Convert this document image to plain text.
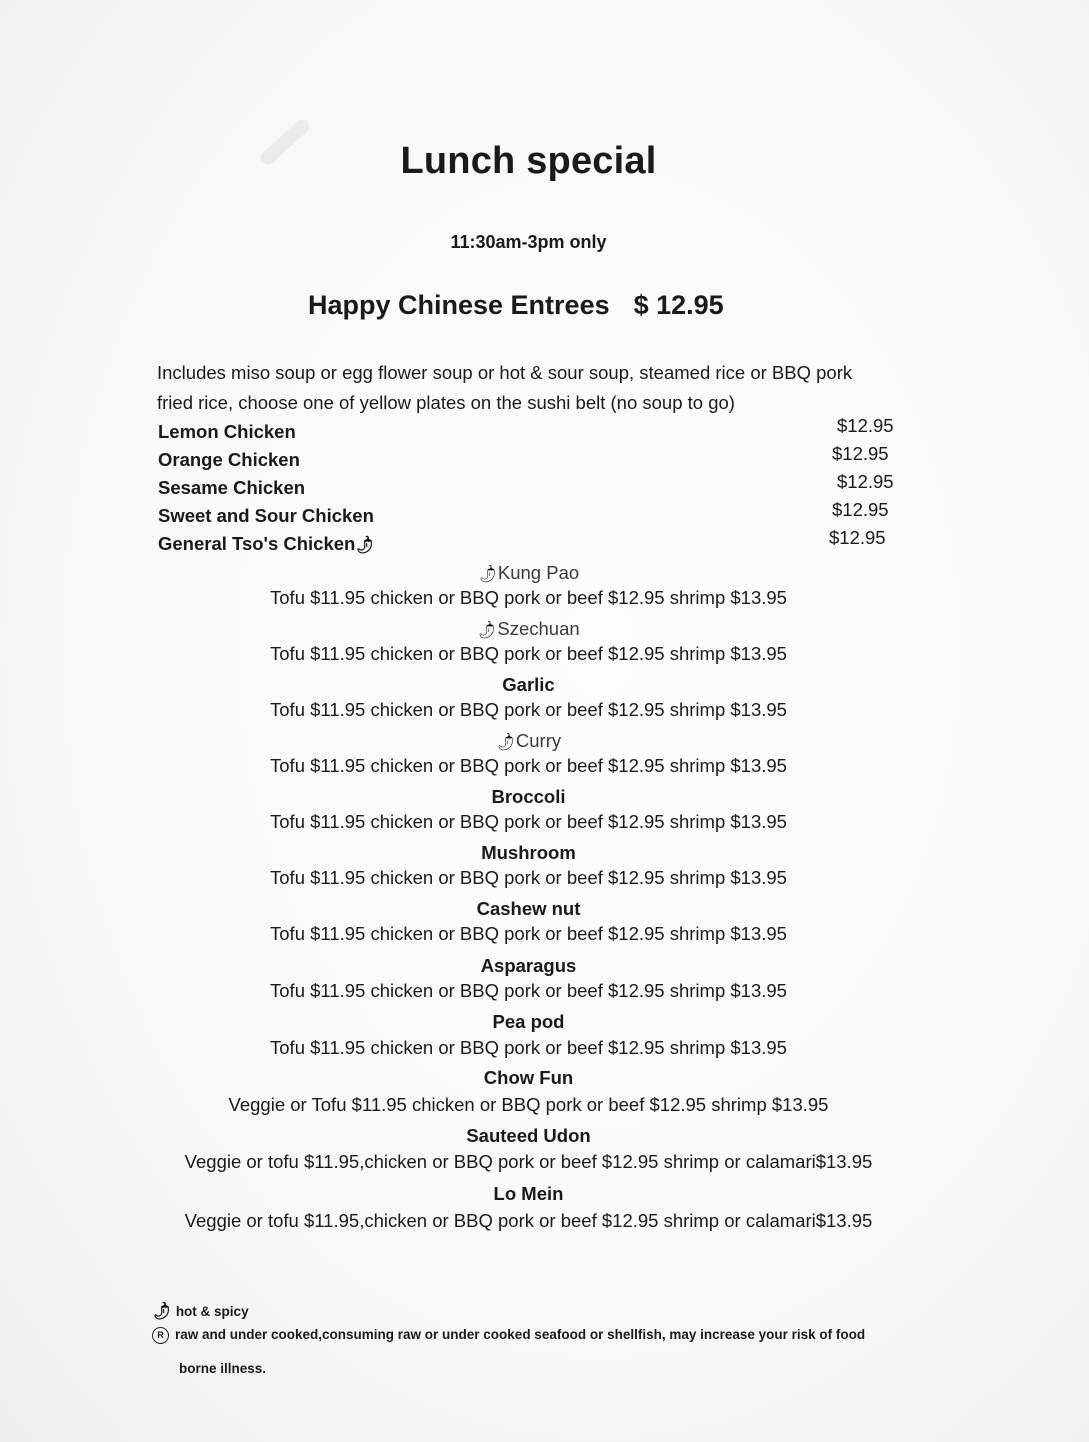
Lunch special
11:30am-3pm only
Happy Chinese Entrees $ 12.95
Includes miso soup or egg flower soup or hot & sour soup, steamed rice or BBQ pork
fried rice, choose one of yellow plates on the sushi belt (no soup to go)
Lemon Chicken	$12.95
Orange Chicken	$12.95
Sesame Chicken	$12.95
Sweet and Sour Chicken	$12.95
General Tso's Chicken🌶︎	$12.95
🌶︎Kung Pao
Tofu $11.95 chicken or BBQ pork or beef $12.95 shrimp $13.95
🌶︎Szechuan
Tofu $11.95 chicken or BBQ pork or beef $12.95 shrimp $13.95
Garlic
Tofu $11.95 chicken or BBQ pork or beef $12.95 shrimp $13.95
🌶︎Curry
Tofu $11.95 chicken or BBQ pork or beef $12.95 shrimp $13.95
Broccoli
Tofu $11.95 chicken or BBQ pork or beef $12.95 shrimp $13.95
Mushroom
Tofu $11.95 chicken or BBQ pork or beef $12.95 shrimp $13.95
Cashew nut
Tofu $11.95 chicken or BBQ pork or beef $12.95 shrimp $13.95
Asparagus
Tofu $11.95 chicken or BBQ pork or beef $12.95 shrimp $13.95
Pea pod
Tofu $11.95 chicken or BBQ pork or beef $12.95 shrimp $13.95
Chow Fun
Veggie or Tofu $11.95 chicken or BBQ pork or beef $12.95 shrimp $13.95
Sauteed Udon
Veggie or tofu $11.95,chicken or BBQ pork or beef $12.95 shrimp or calamari$13.95
Lo Mein
Veggie or tofu $11.95,chicken or BBQ pork or beef $12.95 shrimp or calamari$13.95
🌶︎ hot & spicy
R raw and under cooked,consuming raw or under cooked seafood or shellfish, may increase your risk of food
borne illness.
